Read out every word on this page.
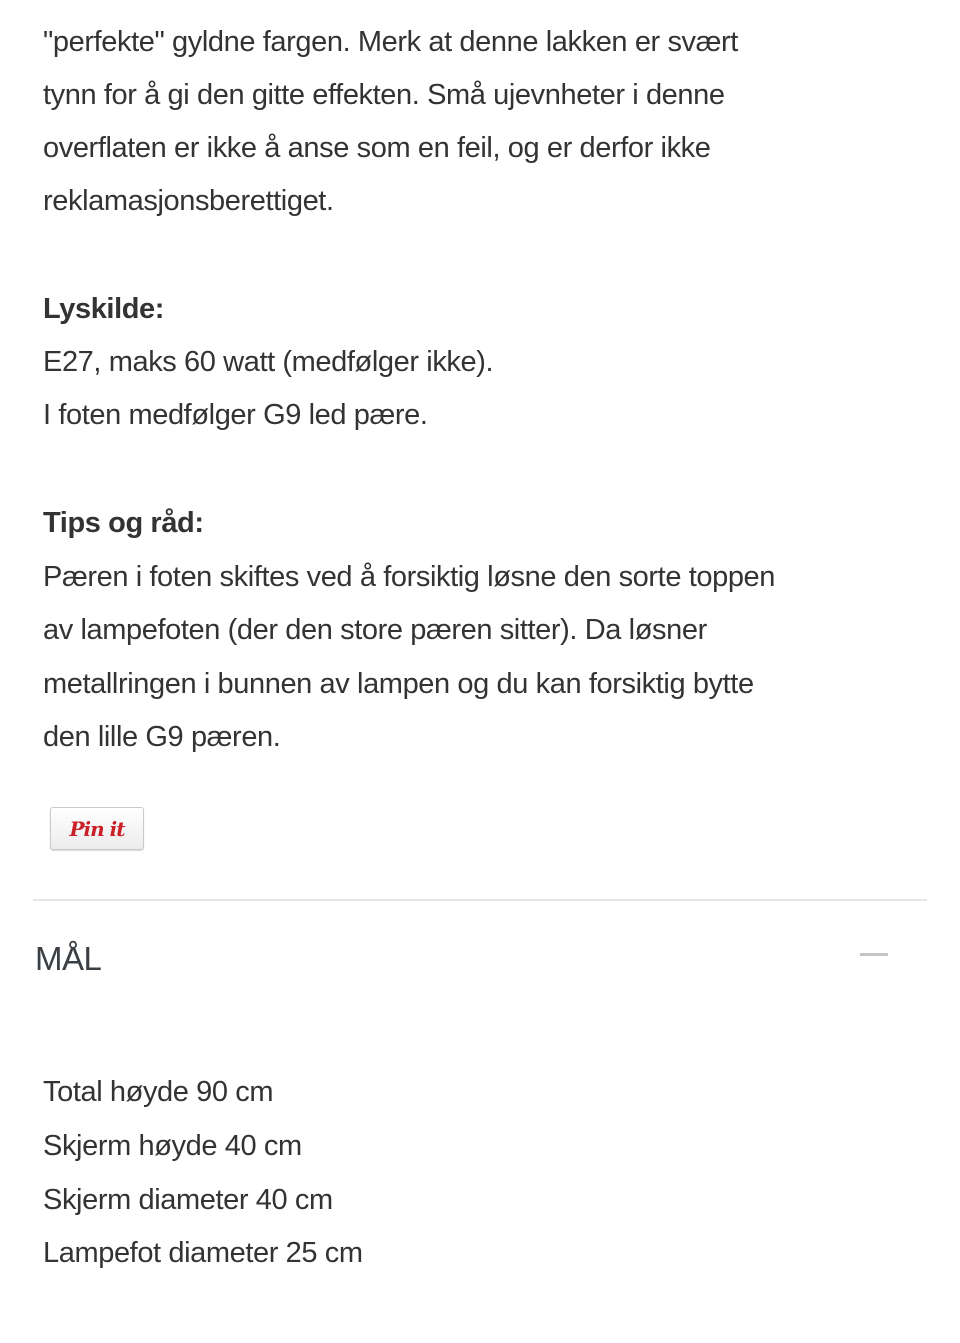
"perfekte" gyldne fargen. Merk at denne lakken er svært
tynn for å gi den gitte effekten. Små ujevnheter i denne
overflaten er ikke å anse som en feil, og er derfor ikke
reklamasjonsberettiget.
Lyskilde:
E27, maks 60 watt (medfølger ikke).
I foten medfølger G9 led pære.
Tips og råd:
Pæren i foten skiftes ved å forsiktig løsne den sorte toppen
av lampefoten (der den store pæren sitter). Da løsner
metallringen i bunnen av lampen og du kan forsiktig bytte
den lille G9 pæren.
Pin it
MÅL
Total høyde 90 cm
Skjerm høyde 40 cm
Skjerm diameter 40 cm
Lampefot diameter 25 cm
